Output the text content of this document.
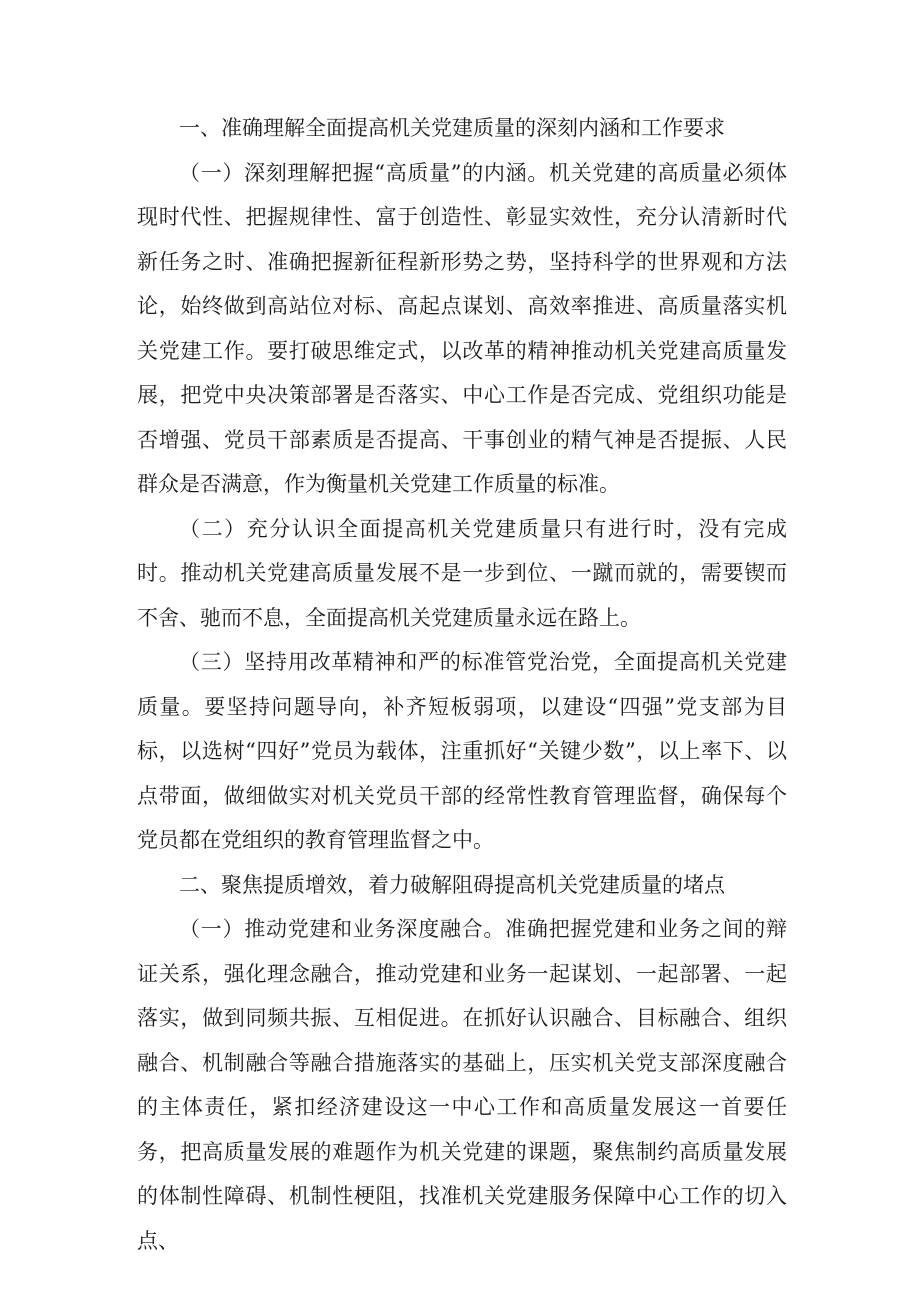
一、准确理解全面提高机关党建质量的深刻内涵和工作要求

（一）深刻理解把握“高质量”的内涵。机关党建的高质量必须体现时代性、把握规律性、富于创造性、彰显实效性，充分认清新时代新任务之时、准确把握新征程新形势之势，坚持科学的世界观和方法论，始终做到高站位对标、高起点谋划、高效率推进、高质量落实机关党建工作。要打破思维定式，以改革的精神推动机关党建高质量发展，把党中央决策部署是否落实、中心工作是否完成、党组织功能是否增强、党员干部素质是否提高、干事创业的精气神是否提振、人民群众是否满意，作为衡量机关党建工作质量的标准。

（二）充分认识全面提高机关党建质量只有进行时，没有完成时。推动机关党建高质量发展不是一步到位、一蹴而就的，需要锲而不舍、驰而不息，全面提高机关党建质量永远在路上。

（三）坚持用改革精神和严的标准管党治党，全面提高机关党建质量。要坚持问题导向，补齐短板弱项，以建设“四强”党支部为目标，以选树“四好”党员为载体，注重抓好“关键少数”，以上率下、以点带面，做细做实对机关党员干部的经常性教育管理监督，确保每个党员都在党组织的教育管理监督之中。

二、聚焦提质增效，着力破解阻碍提高机关党建质量的堵点

（一）推动党建和业务深度融合。准确把握党建和业务之间的辩证关系，强化理念融合，推动党建和业务一起谋划、一起部署、一起落实，做到同频共振、互相促进。在抓好认识融合、目标融合、组织融合、机制融合等融合措施落实的基础上，压实机关党支部深度融合的主体责任，紧扣经济建设这一中心工作和高质量发展这一首要任务，把高质量发展的难题作为机关党建的课题，聚焦制约高质量发展的体制性障碍、机制性梗阻，找准机关党建服务保障中心工作的切入点、
